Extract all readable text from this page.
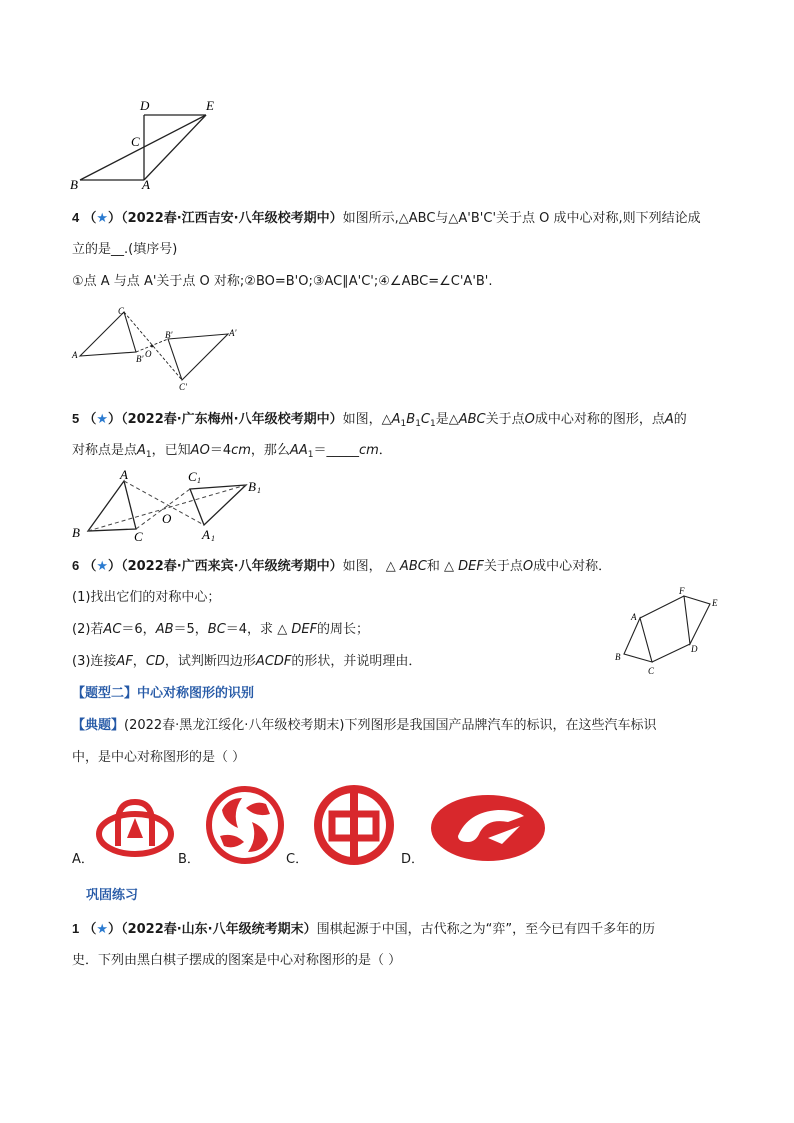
D	E
C
B	A
4 （★）（2022春·江西吉安·八年级校考期中）如图所示,△ABC与△A'B'C'关于点 O 成中心对称,则下列结论成
立的是__.(填序号)
①点 A 与点 A'关于点 O 对称;②BO=B'O;③AC∥A'C';④∠ABC=∠C'A'B'.
C
A	B' O
B'	A'
C'
5 （★）（2022春·广东梅州·八年级校考期中）如图，$\triangle A_1B_1C_1$是△ABC关于点O成中心对称的图形，点A的
对称点是点$A_1$，已知AO＝4cm，那么$AA_1=\_\_\_\_\_cm$．
A	C 1	B 1
O
B	C	A 1
6 （★）（2022春·广西来宾·八年级统考期中）如图， △ ABC和 △ DEF关于点O成中心对称．
(1)找出它们的对称中心；
(2)若AC＝6，AB＝5，BC＝4，求 △ DEF的周长；
(3)连接AF，CD，试判断四边形ACDF的形状，并说明理由．
F
E
A
D
B
C
【题型二】中心对称图形的识别
【典题】(2022春·黑龙江绥化·八年级校考期末)下列图形是我国国产品牌汽车的标识，在这些汽车标识
中，是中心对称图形的是（ ）
A．	B．	C．	D．
巩固练习
1 （★）（2022春·山东·八年级统考期末）围棋起源于中国，古代称之为“弈”，至今已有四千多年的历
史．下列由黑白棋子摆成的图案是中心对称图形的是（ ）
